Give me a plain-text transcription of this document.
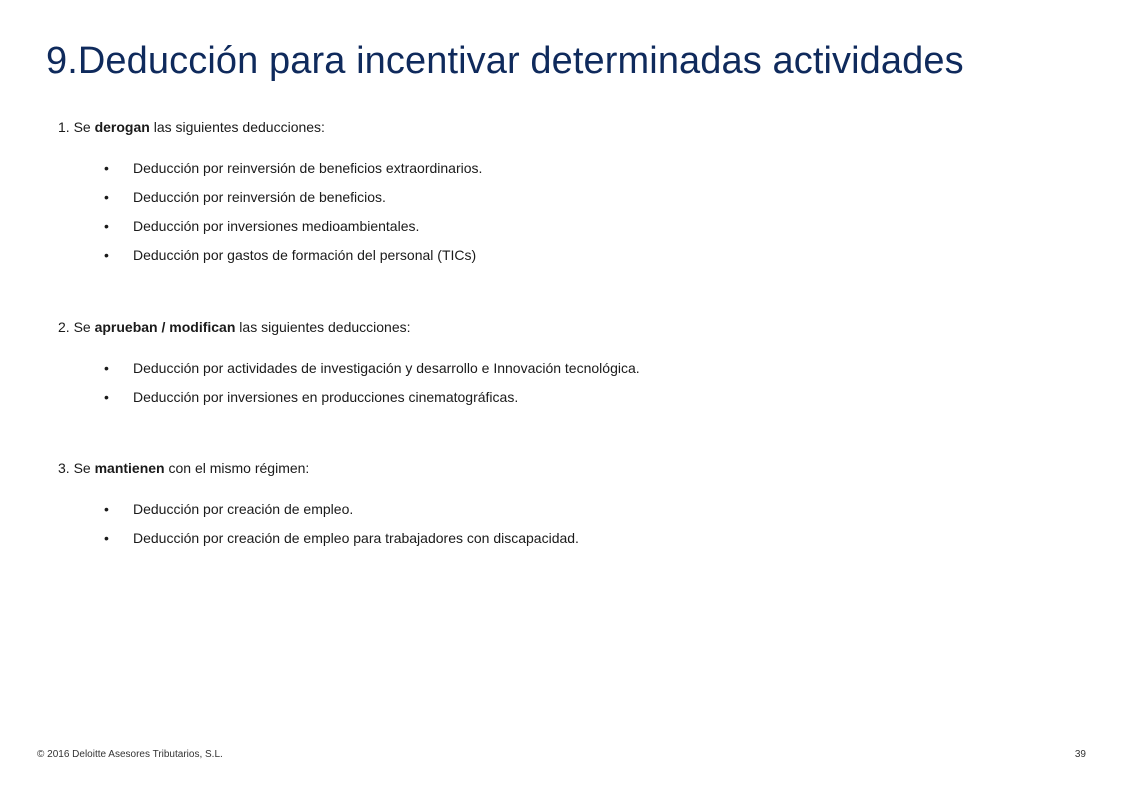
9.Deducción para incentivar determinadas actividades
1. Se derogan las siguientes deducciones:
• Deducción por reinversión de beneficios extraordinarios.
• Deducción por reinversión de beneficios.
• Deducción por inversiones medioambientales.
• Deducción por gastos de formación del personal (TICs)
2. Se aprueban / modifican las siguientes deducciones:
• Deducción por actividades de investigación y desarrollo e Innovación tecnológica.
• Deducción por inversiones en producciones cinematográficas.
3. Se mantienen con el mismo régimen:
• Deducción por creación de empleo.
• Deducción por creación de empleo para trabajadores con discapacidad.
© 2016 Deloitte Asesores Tributarios, S.L.	39
